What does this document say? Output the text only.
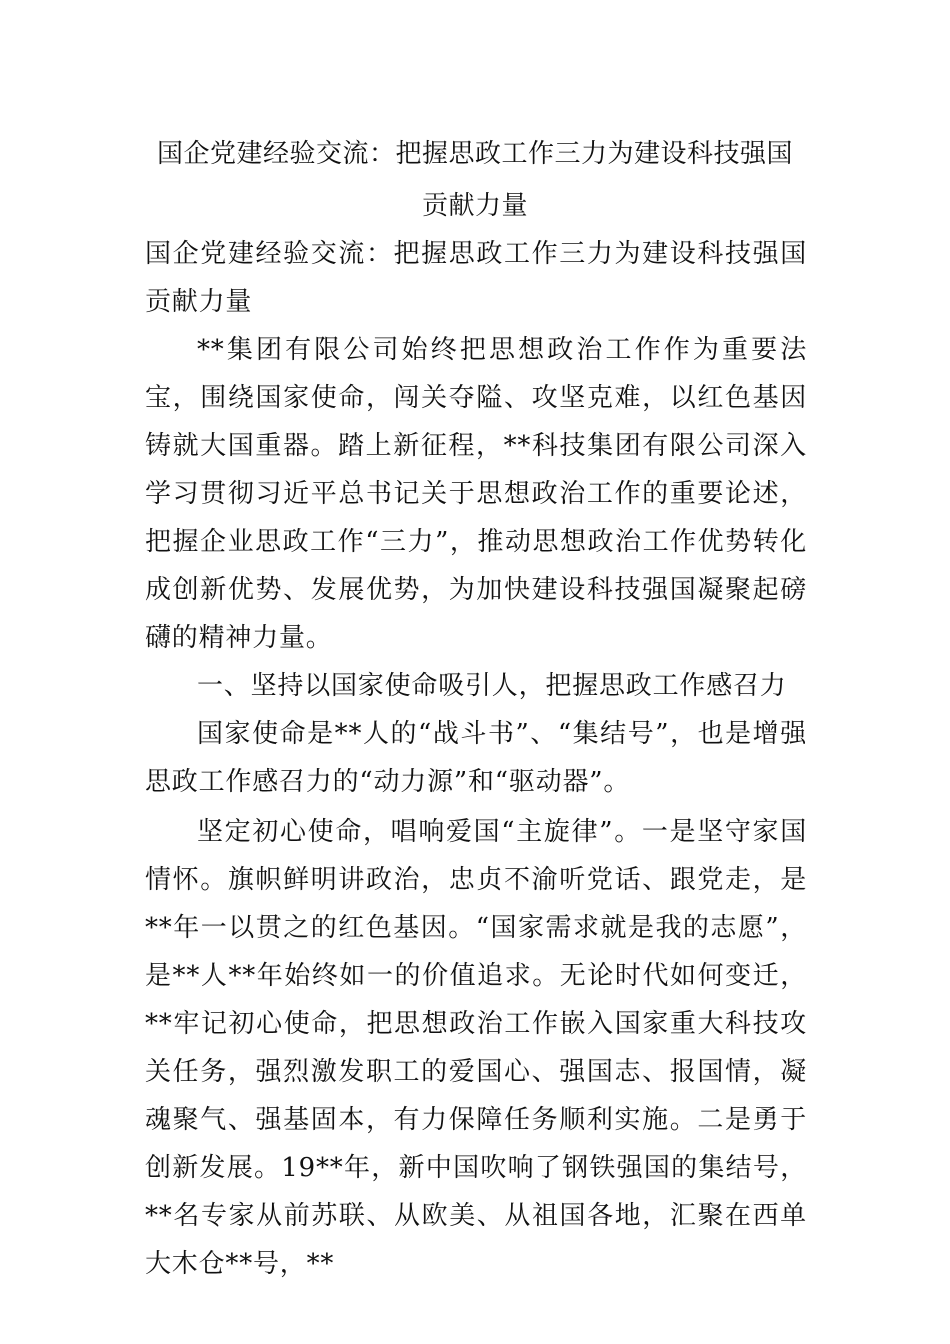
国企党建经验交流：把握思政工作三力为建设科技强国贡献力量

国企党建经验交流：把握思政工作三力为建设科技强国贡献力量

**集团有限公司始终把思想政治工作作为重要法宝，围绕国家使命，闯关夺隘、攻坚克难，以红色基因铸就大国重器。踏上新征程，**科技集团有限公司深入学习贯彻习近平总书记关于思想政治工作的重要论述，把握企业思政工作“三力”，推动思想政治工作优势转化成创新优势、发展优势，为加快建设科技强国凝聚起磅礴的精神力量。

一、坚持以国家使命吸引人，把握思政工作感召力

国家使命是**人的“战斗书”、“集结号”，也是增强思政工作感召力的“动力源”和“驱动器”。

坚定初心使命，唱响爱国“主旋律”。一是坚守家国情怀。旗帜鲜明讲政治，忠贞不渝听党话、跟党走，是**年一以贯之的红色基因。“国家需求就是我的志愿”，是**人**年始终如一的价值追求。无论时代如何变迁，**牢记初心使命，把思想政治工作嵌入国家重大科技攻关任务，强烈激发职工的爱国心、强国志、报国情，凝魂聚气、强基固本，有力保障任务顺利实施。二是勇于创新发展。19**年，新中国吹响了钢铁强国的集结号，**名专家从前苏联、从欧美、从祖国各地，汇聚在西单大木仓**号，**
